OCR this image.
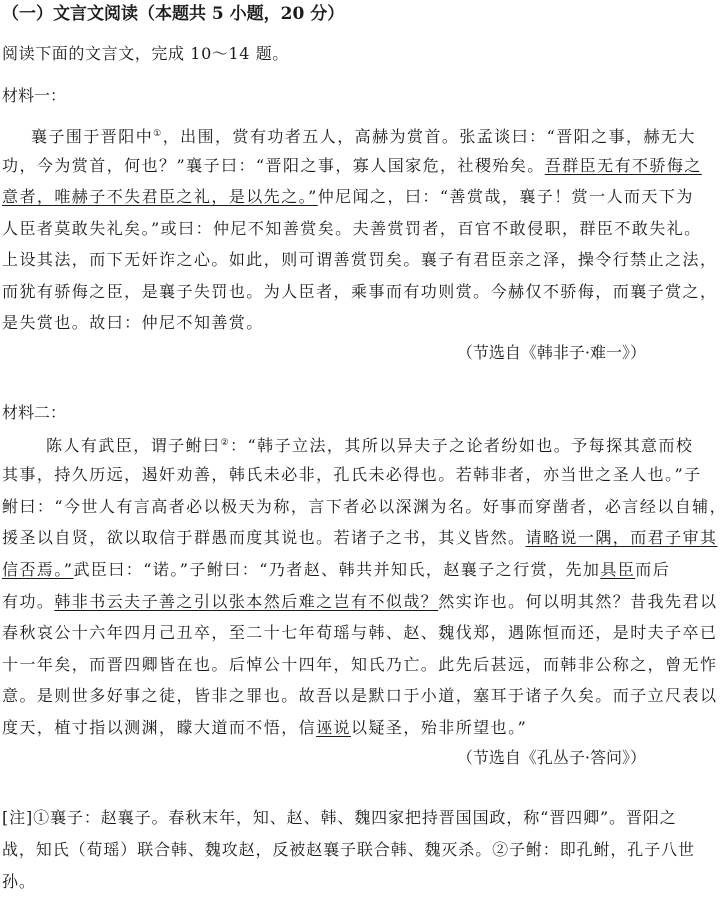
（一）文言文阅读（本题共 5 小题，20 分）
阅读下面的文言文，完成 10～14 题。
材料一：
襄子围于晋阳中①，出围，赏有功者五人，高赫为赏首。张孟谈曰：“晋阳之事，赫无大
功，今为赏首，何也？”襄子曰：“晋阳之事，寡人国家危，社稷殆矣。吾群臣无有不骄侮之
意者，唯赫子不失君臣之礼，是以先之。”仲尼闻之，曰：“善赏哉，襄子！赏一人而天下为
人臣者莫敢失礼矣。”或曰：仲尼不知善赏矣。夫善赏罚者，百官不敢侵职，群臣不敢失礼。
上设其法，而下无奸诈之心。如此，则可谓善赏罚矣。襄子有君臣亲之泽，操令行禁止之法，
而犹有骄侮之臣，是襄子失罚也。为人臣者，乘事而有功则赏。今赫仅不骄侮，而襄子赏之，
是失赏也。故曰：仲尼不知善赏。
（节选自《韩非子·难一》）
材料二：
陈人有武臣，谓子鲋曰②：“韩子立法，其所以异夫子之论者纷如也。予每探其意而校
其事，持久历远，遏奸劝善，韩氏未必非，孔氏未必得也。若韩非者，亦当世之圣人也。”子
鲋曰：“今世人有言高者必以极天为称，言下者必以深渊为名。好事而穿凿者，必言经以自辅，
援圣以自贤，欲以取信于群愚而度其说也。若诸子之书，其义皆然。请略说一隅，而君子审其
信否焉。”武臣曰：“诺。”子鲋曰：“乃者赵、韩共并知氏，赵襄子之行赏，先加具臣而后
有功。韩非书云夫子善之引以张本然后难之岂有不似哉？然实诈也。何以明其然？昔我先君以
春秋哀公十六年四月己丑卒，至二十七年荀瑶与韩、赵、魏伐郑，遇陈恒而还，是时夫子卒已
十一年矣，而晋四卿皆在也。后悼公十四年，知氏乃亡。此先后甚远，而韩非公称之，曾无怍
意。是则世多好事之徒，皆非之罪也。故吾以是默口于小道，塞耳于诸子久矣。而子立尺表以
度天，植寸指以测渊，矇大道而不悟，信诬说以疑圣，殆非所望也。”
（节选自《孔丛子·答问》）
[注]①襄子：赵襄子。春秋末年，知、赵、韩、魏四家把持晋国国政，称“晋四卿”。晋阳之
战，知氏（荀瑶）联合韩、魏攻赵，反被赵襄子联合韩、魏灭杀。②子鲋：即孔鲋，孔子八世
孙。
